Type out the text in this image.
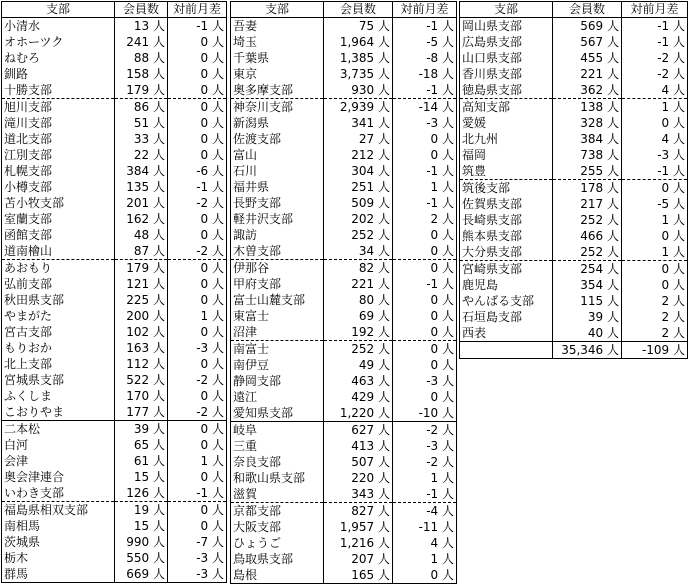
支部	会員数	対前月差
小清水	13 人	-1 人
オホーツク	241 人	0 人
ねむろ	88 人	0 人
釧路	158 人	0 人
十勝支部	179 人	0 人
旭川支部	86 人	0 人
滝川支部	51 人	0 人
道北支部	33 人	0 人
江別支部	22 人	0 人
札幌支部	384 人	-6 人
小樽支部	135 人	-1 人
苫小牧支部	201 人	-2 人
室蘭支部	162 人	0 人
函館支部	48 人	0 人
道南檜山	87 人	-2 人
あおもり	179 人	0 人
弘前支部	121 人	0 人
秋田県支部	225 人	0 人
やまがた	200 人	1 人
宮古支部	102 人	0 人
もりおか	163 人	-3 人
北上支部	112 人	0 人
宮城県支部	522 人	-2 人
ふくしま	170 人	0 人
こおりやま	177 人	-2 人
二本松	39 人	0 人
白河	65 人	0 人
会津	61 人	1 人
奥会津連合	15 人	0 人
いわき支部	126 人	-1 人
福島県相双支部	19 人	0 人
南相馬	15 人	0 人
茨城県	990 人	-7 人
栃木	550 人	-3 人
群馬	669 人	-3 人
支部	会員数	対前月差
吾妻	75 人	-1 人
埼玉	1,964 人	-5 人
千葉県	1,385 人	-8 人
東京	3,735 人	-18 人
奥多摩支部	930 人	-1 人
神奈川支部	2,939 人	-14 人
新潟県	341 人	-3 人
佐渡支部	27 人	0 人
富山	212 人	0 人
石川	304 人	-1 人
福井県	251 人	1 人
長野支部	509 人	-1 人
軽井沢支部	202 人	2 人
諏訪	252 人	0 人
木曽支部	34 人	0 人
伊那谷	82 人	0 人
甲府支部	221 人	-1 人
富士山麓支部	80 人	0 人
東富士	69 人	0 人
沼津	192 人	0 人
南富士	252 人	0 人
南伊豆	49 人	0 人
静岡支部	463 人	-3 人
遠江	429 人	0 人
愛知県支部	1,220 人	-10 人
岐阜	627 人	-2 人
三重	413 人	-3 人
奈良支部	507 人	-2 人
和歌山県支部	220 人	1 人
滋賀	343 人	-1 人
京都支部	827 人	-4 人
大阪支部	1,957 人	-11 人
ひょうご	1,216 人	4 人
鳥取県支部	207 人	1 人
島根	165 人	0 人
支部	会員数	対前月差
岡山県支部	569 人	-1 人
広島県支部	567 人	-1 人
山口県支部	455 人	-2 人
香川県支部	221 人	-2 人
徳島県支部	362 人	4 人
高知支部	138 人	1 人
愛媛	328 人	0 人
北九州	384 人	4 人
福岡	738 人	-3 人
筑豊	255 人	-1 人
筑後支部	178 人	0 人
佐賀県支部	217 人	-5 人
長崎県支部	252 人	1 人
熊本県支部	466 人	0 人
大分県支部	252 人	1 人
宮崎県支部	254 人	0 人
鹿児島	354 人	0 人
やんばる支部	115 人	2 人
石垣島支部	39 人	2 人
西表	40 人	2 人
	35,346 人	-109 人
